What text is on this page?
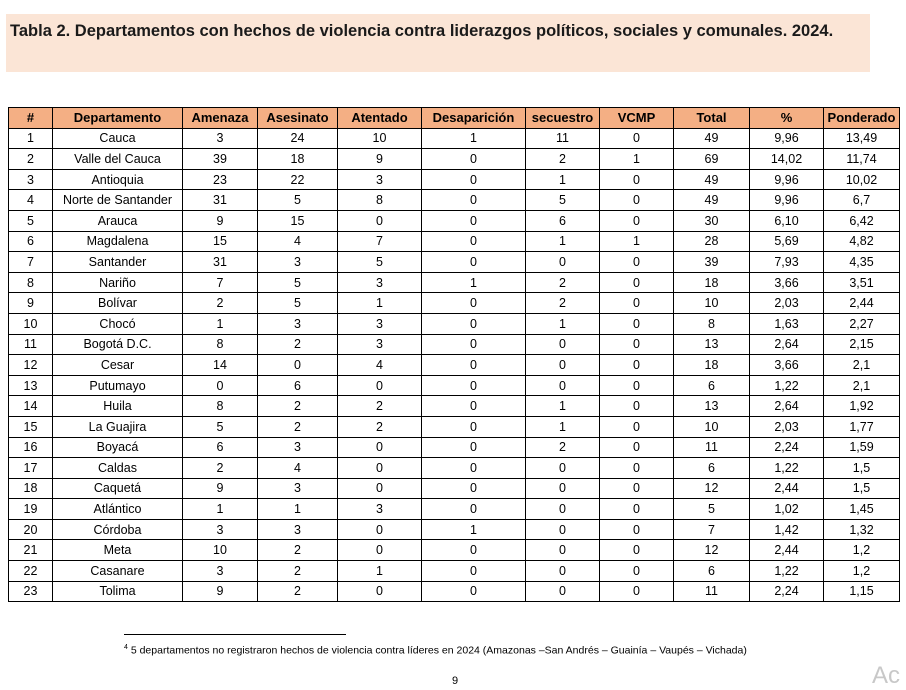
Tabla 2. Departamentos con hechos de violencia contra liderazgos políticos, sociales y comunales. 2024.
#	Departamento	Amenaza	Asesinato	Atentado	Desaparición	secuestro	VCMP	Total	%	Ponderado
1	Cauca	3	24	10	1	11	0	49	9,96	13,49
2	Valle del Cauca	39	18	9	0	2	1	69	14,02	11,74
3	Antioquia	23	22	3	0	1	0	49	9,96	10,02
4	Norte de Santander	31	5	8	0	5	0	49	9,96	6,7
5	Arauca	9	15	0	0	6	0	30	6,10	6,42
6	Magdalena	15	4	7	0	1	1	28	5,69	4,82
7	Santander	31	3	5	0	0	0	39	7,93	4,35
8	Nariño	7	5	3	1	2	0	18	3,66	3,51
9	Bolívar	2	5	1	0	2	0	10	2,03	2,44
10	Chocó	1	3	3	0	1	0	8	1,63	2,27
11	Bogotá D.C.	8	2	3	0	0	0	13	2,64	2,15
12	Cesar	14	0	4	0	0	0	18	3,66	2,1
13	Putumayo	0	6	0	0	0	0	6	1,22	2,1
14	Huila	8	2	2	0	1	0	13	2,64	1,92
15	La Guajira	5	2	2	0	1	0	10	2,03	1,77
16	Boyacá	6	3	0	0	2	0	11	2,24	1,59
17	Caldas	2	4	0	0	0	0	6	1,22	1,5
18	Caquetá	9	3	0	0	0	0	12	2,44	1,5
19	Atlántico	1	1	3	0	0	0	5	1,02	1,45
20	Córdoba	3	3	0	1	0	0	7	1,42	1,32
21	Meta	10	2	0	0	0	0	12	2,44	1,2
22	Casanare	3	2	1	0	0	0	6	1,22	1,2
23	Tolima	9	2	0	0	0	0	11	2,24	1,15
$^4$ 5 departamentos no registraron hechos de violencia contra líderes en 2024 (Amazonas –San Andrés – Guainía – Vaupés – Vichada)
9	Ac
